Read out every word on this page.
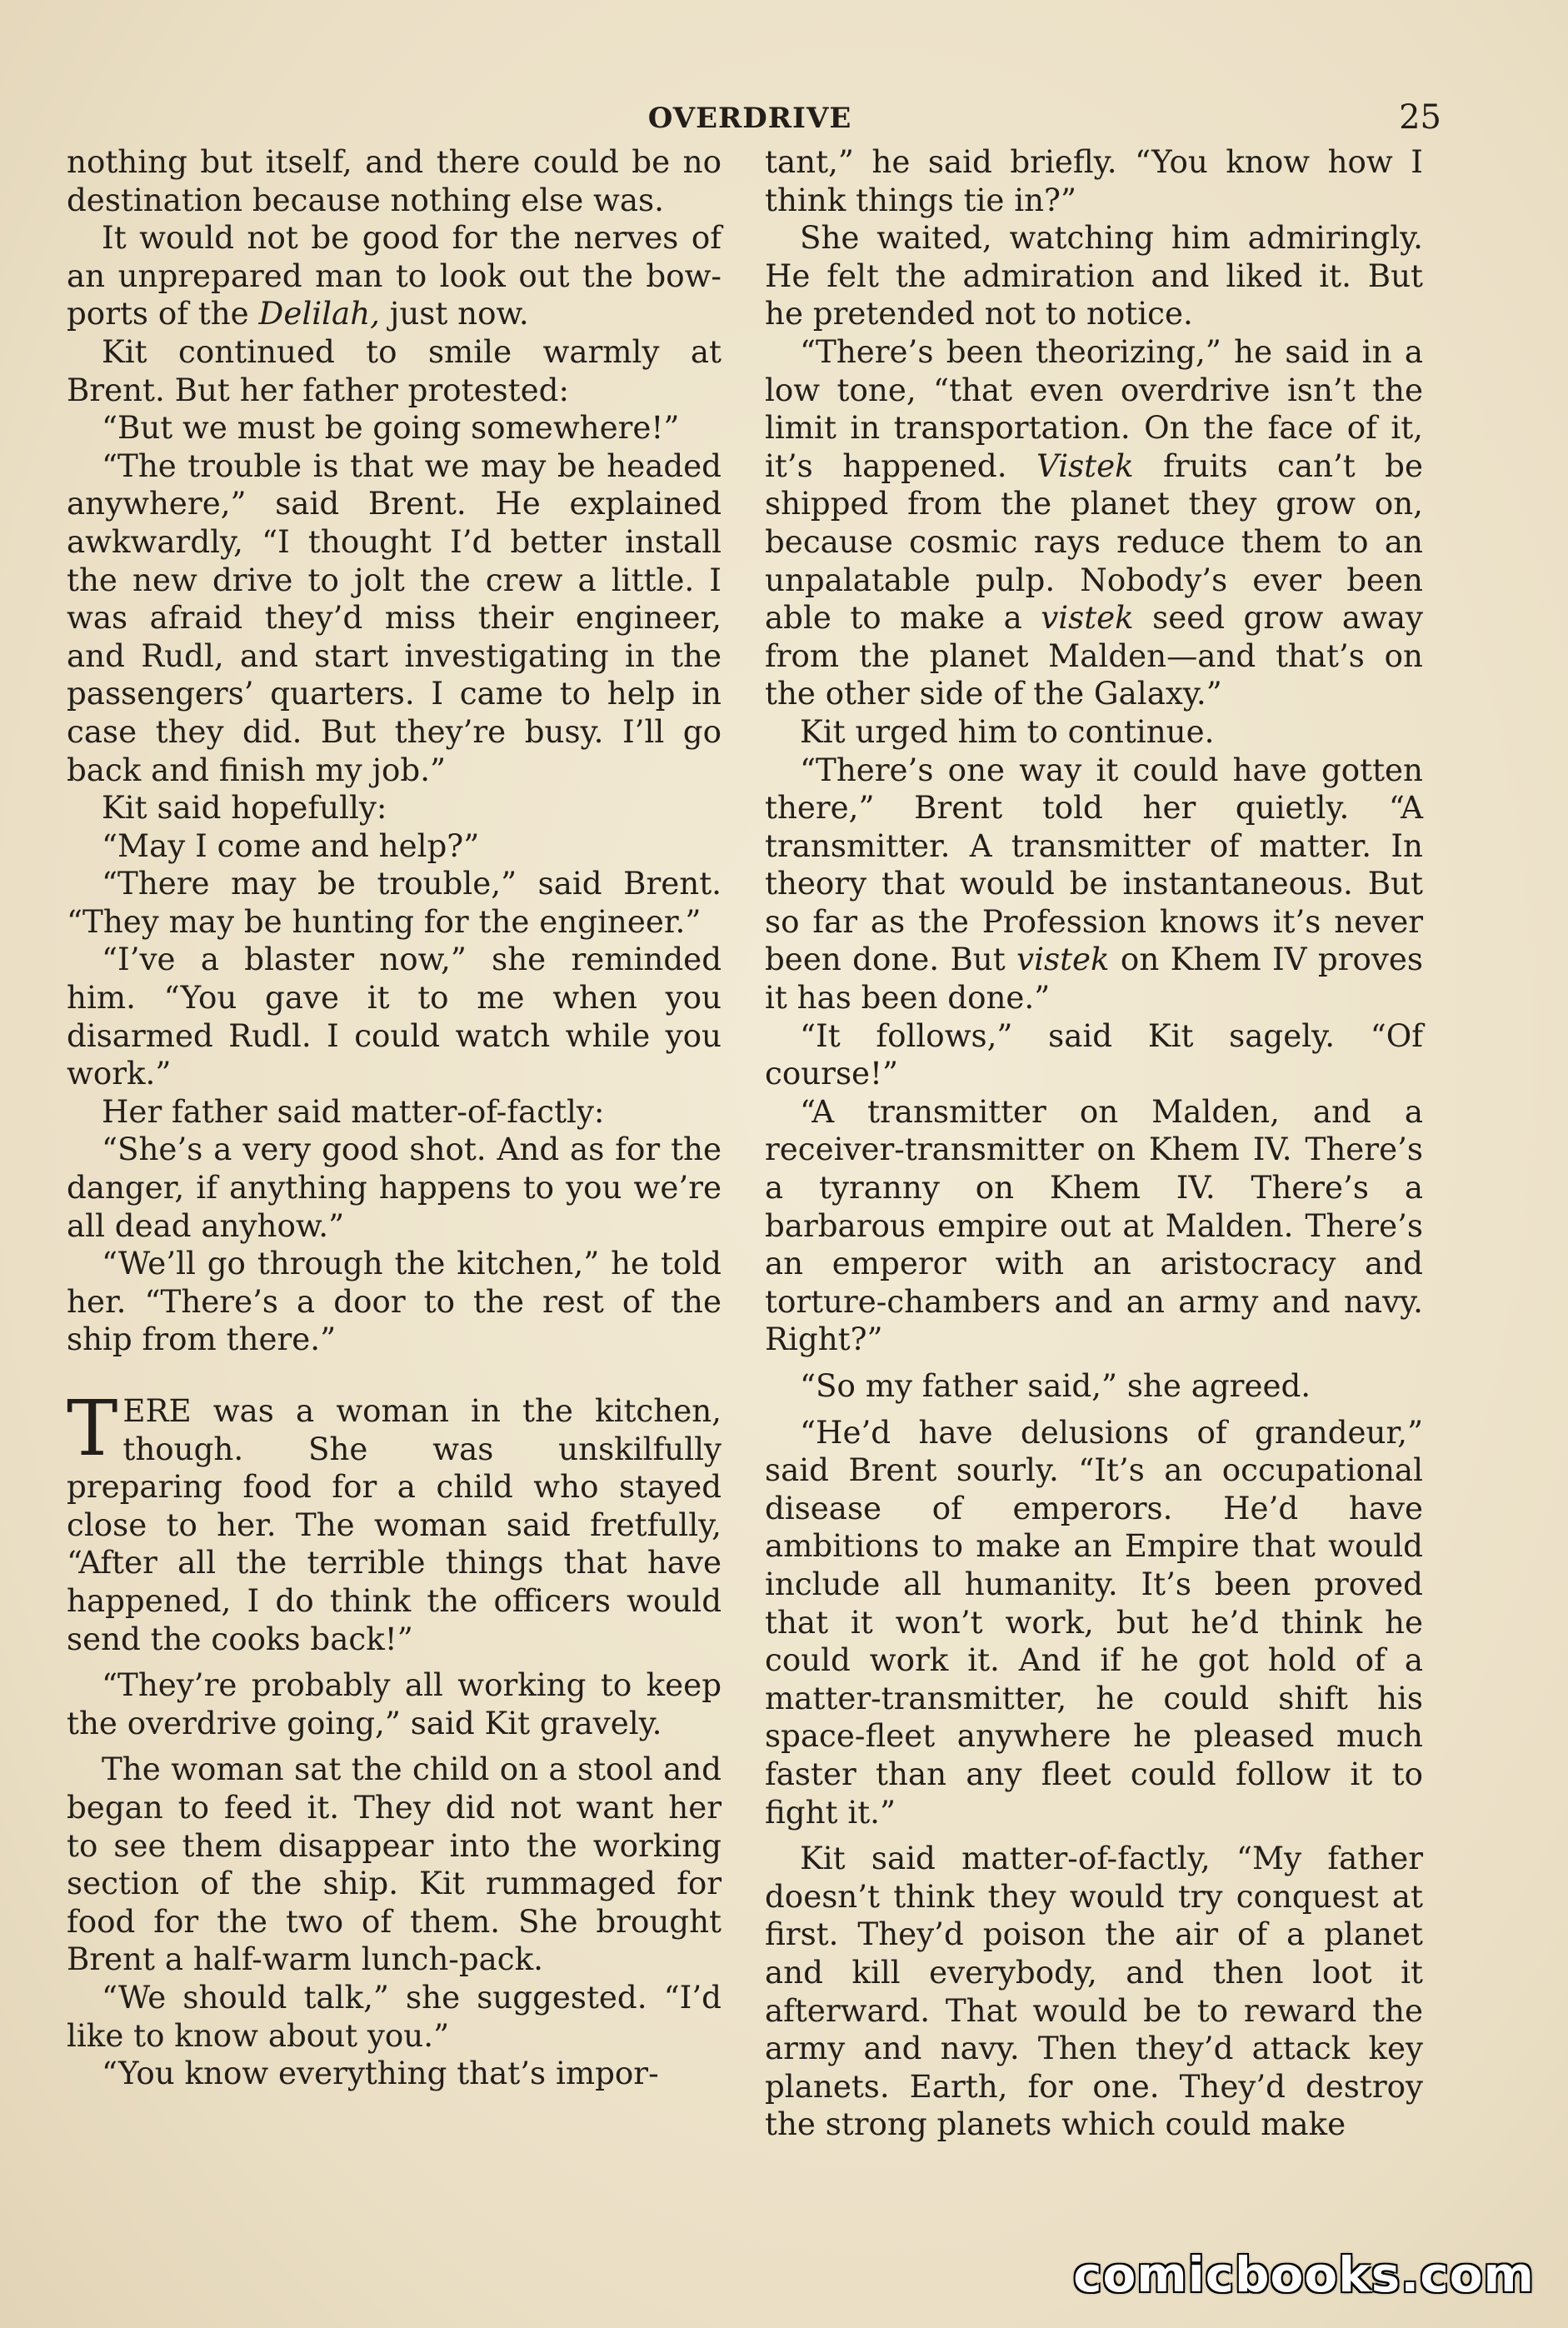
OVERDRIVE	25

nothing but itself, and there could be no destination because nothing else was.

It would not be good for the nerves of an unprepared man to look out the bow-ports of the Delilah, just now.

Kit continued to smile warmly at Brent. But her father protested:

“But we must be going somewhere!”

“The trouble is that we may be headed anywhere,” said Brent. He explained awkwardly, “I thought I’d better install the new drive to jolt the crew a little. I was afraid they’d miss their engineer, and Rudl, and start investigating in the passengers’ quarters. I came to help in case they did. But they’re busy. I’ll go back and finish my job.”

Kit said hopefully:

“May I come and help?”

“There may be trouble,” said Brent. “They may be hunting for the engineer.”

“I’ve a blaster now,” she reminded him. “You gave it to me when you disarmed Rudl. I could watch while you work.”

Her father said matter-of-factly:

“She’s a very good shot. And as for the danger, if anything happens to you we’re all dead anyhow.”

“We’ll go through the kitchen,” he told her. “There’s a door to the rest of the ship from there.”

TERE was a woman in the kitchen, though. She was unskilfully preparing food for a child who stayed close to her. The woman said fretfully, “After all the terrible things that have happened, I do think the officers would send the cooks back!”

“They’re probably all working to keep the overdrive going,” said Kit gravely.

The woman sat the child on a stool and began to feed it. They did not want her to see them disappear into the working section of the ship. Kit rummaged for food for the two of them. She brought Brent a half-warm lunch-pack.

“We should talk,” she suggested. “I’d like to know about you.”

“You know everything that’s impor-

tant,” he said briefly. “You know how I think things tie in?”

She waited, watching him admiringly. He felt the admiration and liked it. But he pretended not to notice.

“There’s been theorizing,” he said in a low tone, “that even overdrive isn’t the limit in transportation. On the face of it, it’s happened. Vistek fruits can’t be shipped from the planet they grow on, because cosmic rays reduce them to an unpalatable pulp. Nobody’s ever been able to make a vistek seed grow away from the planet Malden—and that’s on the other side of the Galaxy.”

Kit urged him to continue.

“There’s one way it could have gotten there,” Brent told her quietly. “A transmitter. A transmitter of matter. In theory that would be instantaneous. But so far as the Profession knows it’s never been done. But vistek on Khem IV proves it has been done.”

“It follows,” said Kit sagely. “Of course!”

“A transmitter on Malden, and a receiver-transmitter on Khem IV. There’s a tyranny on Khem IV. There’s a barbarous empire out at Malden. There’s an emperor with an aristocracy and torture-chambers and an army and navy. Right?”

“So my father said,” she agreed.

“He’d have delusions of grandeur,” said Brent sourly. “It’s an occupational disease of emperors. He’d have ambitions to make an Empire that would include all humanity. It’s been proved that it won’t work, but he’d think he could work it. And if he got hold of a matter-transmitter, he could shift his space-fleet anywhere he pleased much faster than any fleet could follow it to fight it.”

Kit said matter-of-factly, “My father doesn’t think they would try conquest at first. They’d poison the air of a planet and kill everybody, and then loot it afterward. That would be to reward the army and navy. Then they’d attack key planets. Earth, for one. They’d destroy the strong planets which could make

comicbooks.com
